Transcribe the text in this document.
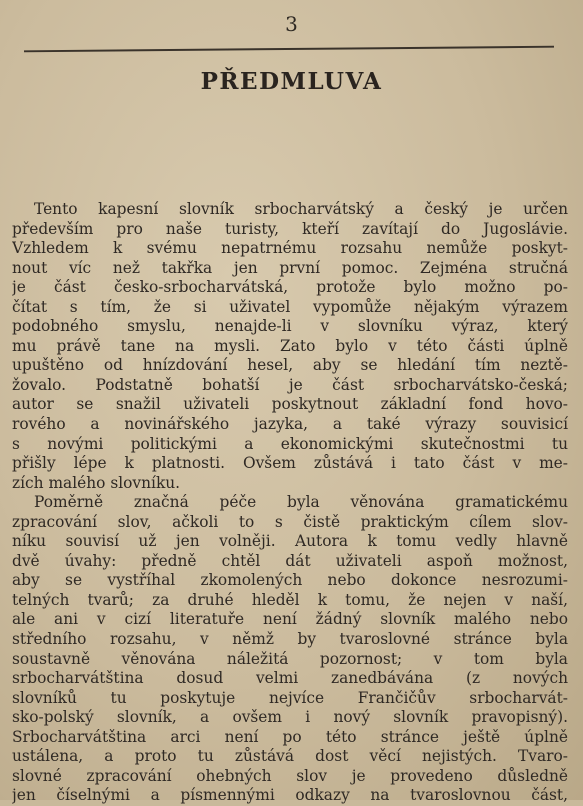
3
PŘEDMLUVA
Tento kapesní slovník srbocharvátský a český je určen
především pro naše turisty, kteří zavítají do Jugoslávie.
Vzhledem k svému nepatrnému rozsahu nemůže poskyt-
nout víc než takřka jen první pomoc. Zejména stručná
je část česko-srbocharvátská, protože bylo možno po-
čítat s tím, že si uživatel vypomůže nějakým výrazem
podobného smyslu, nenajde-li v slovníku výraz, který
mu právě tane na mysli. Zato bylo v této části úplně
upuštěno od hnízdování hesel, aby se hledání tím neztě-
žovalo. Podstatně bohatší je část srbocharvátsko-česká;
autor se snažil uživateli poskytnout základní fond hovo-
rového a novinářského jazyka, a také výrazy souvisicí
s novými politickými a ekonomickými skutečnostmi tu
přišly lépe k platnosti. Ovšem zůstává i tato část v me-
zích malého slovníku.
Poměrně značná péče byla věnována gramatickému
zpracování slov, ačkoli to s čistě praktickým cílem slov-
níku souvisí už jen volněji. Autora k tomu vedly hlavně
dvě úvahy: předně chtěl dát uživateli aspoň možnost,
aby se vystříhal zkomolených nebo dokonce nesrozumi-
telných tvarů; za druhé hleděl k tomu, že nejen v naší,
ale ani v cizí literatuře není žádný slovník malého nebo
středního rozsahu, v němž by tvaroslovné stránce byla
soustavně věnována náležitá pozornost; v tom byla
srbocharvátština dosud velmi zanedbávána (z nových
slovníků tu poskytuje nejvíce Frančičův srbocharvát-
sko-polský slovník, a ovšem i nový slovník pravopisný).
Srbocharvátština arci není po této stránce ještě úplně
ustálena, a proto tu zůstává dost věcí nejistých. Tvaro-
slovné zpracování ohebných slov je provedeno důsledně
jen číselnými a písmennými odkazy na tvaroslovnou část,
